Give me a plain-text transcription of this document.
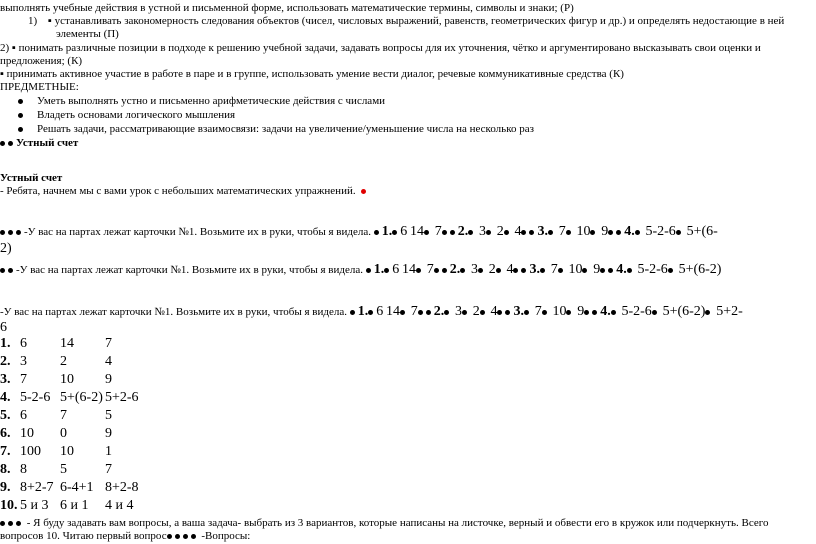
выполнять учебные действия в устной и письменной форме, использовать математические термины, символы и знаки; (Р)
1) ▪ устанавливать закономерность следования объектов (чисел, числовых выражений, равенств, геометрических фигур и др.) и определять недостающие в ней
элементы (П)
2) ▪ понимать различные позиции в подходе к решению учебной задачи, задавать вопросы для их уточнения, чётко и аргументировано высказывать свои оценки и
предложения; (К)
▪ принимать активное участие в работе в паре и в группе, использовать умение вести диалог, речевые коммуникативные средства (К)
ПРЕДМЕТНЫЕ:
Уметь выполнять устно и письменно арифметические действия с числами
Владеть основами логического мышления
Решать задачи, рассматривающие взаимосвязи: задачи на увеличение/уменьшение числа на несколько раз
Устный счет
Устный счет
- Ребята, начнем мы с вами урок с небольших математических упражнений.
-У вас на партах лежат карточки №1. Возьмите их в руки, чтобы я видела. 1. 6 14 7 2. 3 2 4 3. 7 10 9 4. 5-2-6 5+(6-
2)
-У вас на партах лежат карточки №1. Возьмите их в руки, чтобы я видела. 1. 6 14 7 2. 3 2 4 3. 7 10 9 4. 5-2-6 5+(6-2)
-У вас на партах лежат карточки №1. Возьмите их в руки, чтобы я видела. 1. 6 14 7 2. 3 2 4 3. 7 10 9 4. 5-2-6 5+(6-2) 5+2-
6
1. 6 14 7
2. 3 2	4
3. 7 10 9
4. 5-2-6 5+(6-2) 5+2-6
5. 6 7	5
6. 10 0	9
7. 100 10 1
8. 8 5	7
9. 8+2-7 6-4+1 8+2-8
10. 5 и 3 6 и 1 4 и 4
- Я буду задавать вам вопросы, а ваша задача- выбрать из 3 вариантов, которые написаны на листочке, верный и обвести его в кружок или подчеркнуть. Всего
вопросов 10. Читаю первый вопрос	-Вопросы:
